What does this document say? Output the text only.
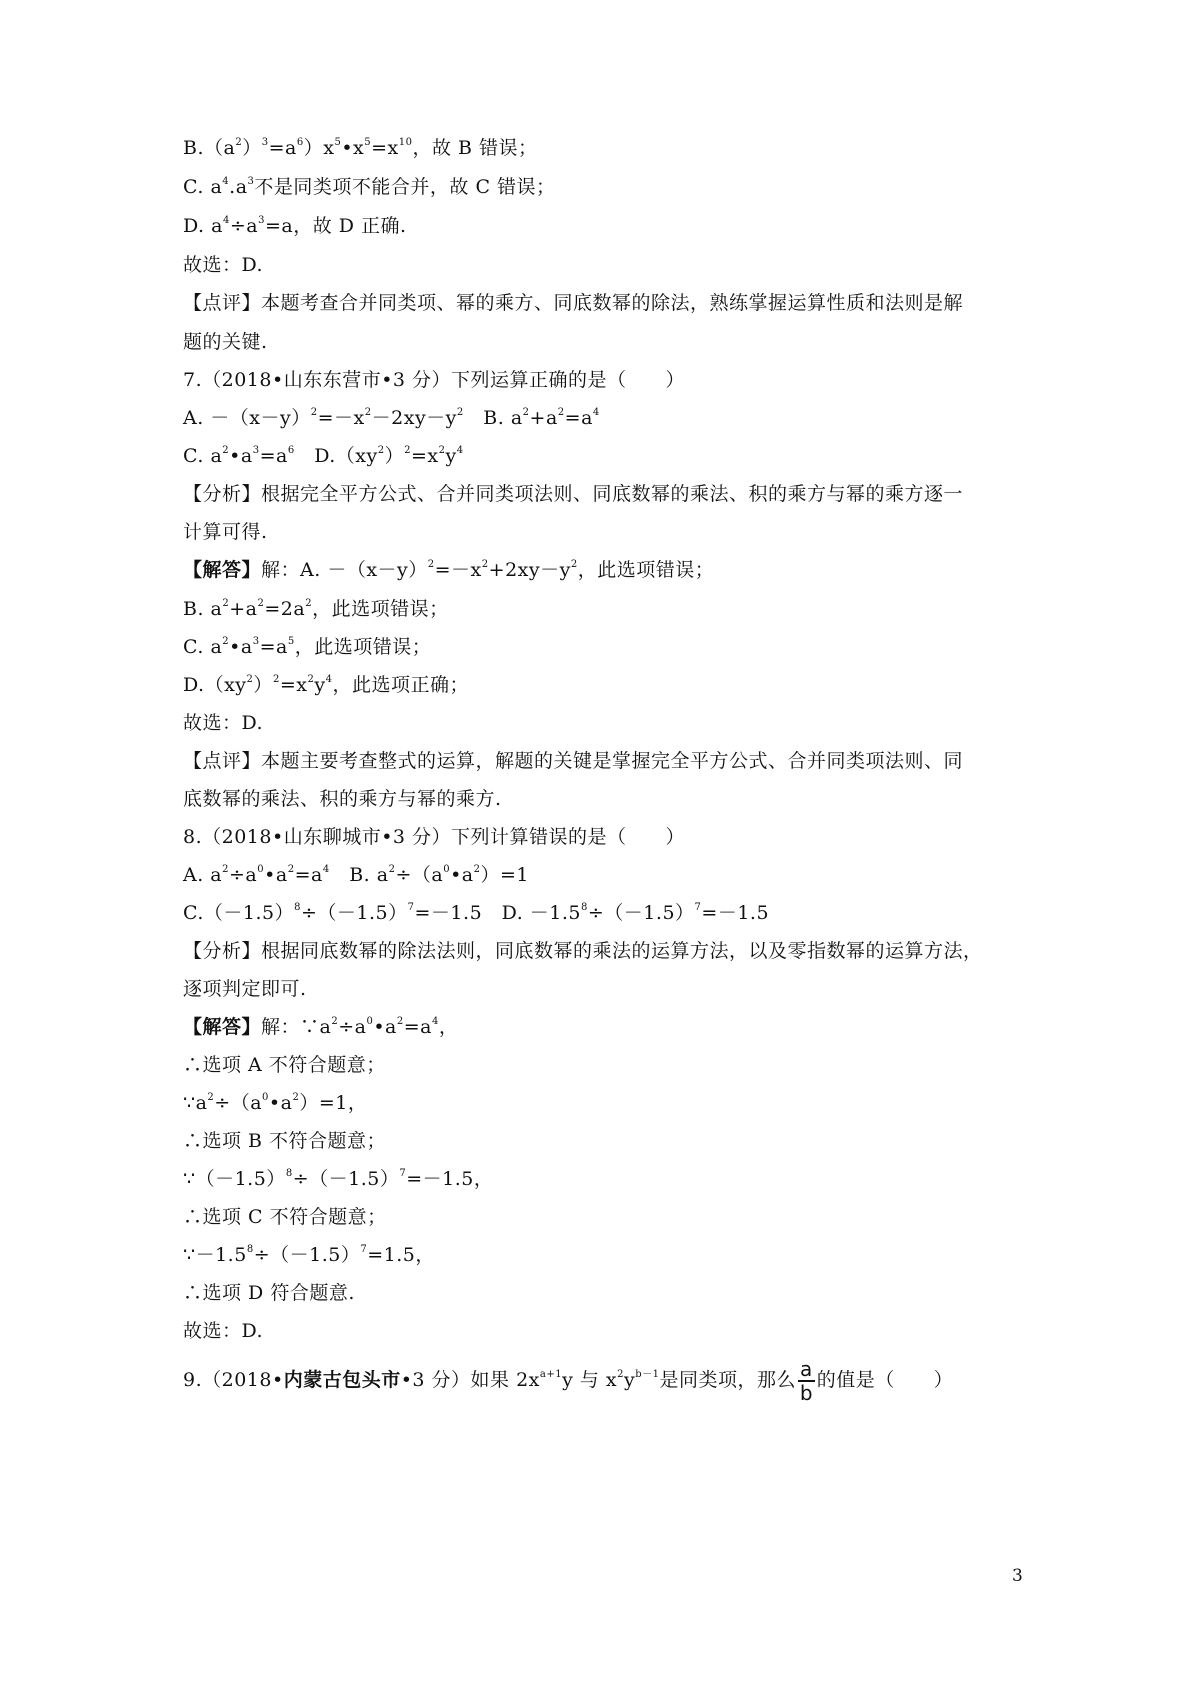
$B.(a^2)^3=a^6)x^5•x^5=x^{10}$，故 B 错误；
C. $a^4.a^3$不是同类项不能合并，故 C 错误；
D. $a^4\div a^3=a$，故 D 正确.
故选：D.
【点评】本题考查合并同类项、幂的乘方、同底数幂的除法，熟练掌握运算性质和法则是解
题的关键.
7.（2018•山东东营市•3 分）下列运算正确的是（　　）
A. $-(x-y)^2=-x^2-2xy-y^2$　B. $a^2+a^2=a^4$
C. $a^2•a^3=a^6$　$D.(xy^2)^2=x^2y^4$
【分析】根据完全平方公式、合并同类项法则、同底数幂的乘法、积的乘方与幂的乘方逐一
计算可得.
【解答】解：A. $-(x-y)^2=-x^2+2xy-y^2$，此选项错误；
B. $a^2+a^2=2a^2$，此选项错误；
C. $a^2•a^3=a^5$，此选项错误；
$D.(xy^2)^2=x^2y^4$，此选项正确；
故选：D.
【点评】本题主要考查整式的运算，解题的关键是掌握完全平方公式、合并同类项法则、同
底数幂的乘法、积的乘方与幂的乘方.
8.（2018•山东聊城市•3 分）下列计算错误的是（　　）
A. $a^2\div a^0•a^2=a^4$　B. $a^2\div(a^0•a^2)=1$
$C.(-1.5)^8\div(-1.5)^7=-1.5$　D. $-1.5^8\div(-1.5)^7=-1.5$
【分析】根据同底数幂的除法法则，同底数幂的乘法的运算方法，以及零指数幂的运算方法，
逐项判定即可.
【解答】解：$\because a^2\div a^0•a^2=a^4$，
∴选项 A 不符合题意；
$\because a^2\div(a^0•a^2)=1$，
∴选项 B 不符合题意；
$\because(-1.5)^8\div(-1.5)^7=-1.5$，
∴选项 C 不符合题意；
$\because-1.5^8\div(-1.5)^7=1.5$，
∴选项 D 符合题意.
故选：D.
9.（2018•内蒙古包头市•3 分）如果 $2x^{a+1}y$ 与 $x^2y^{b-1}$是同类项，那么 $\frac{a}{b}$ 的值是（　　）
3
